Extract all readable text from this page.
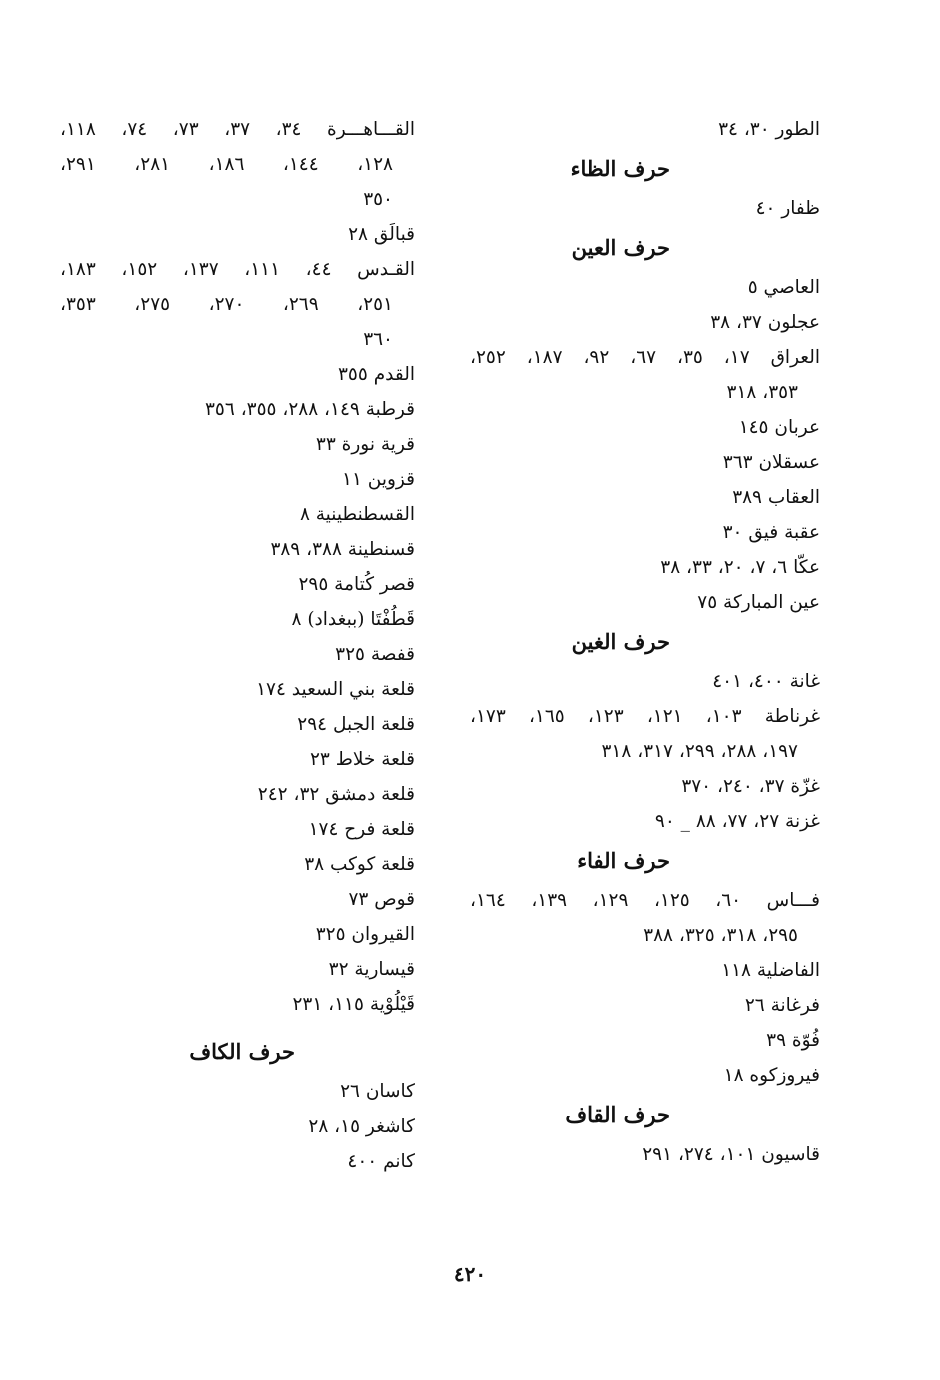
الطور ٣٠، ٣٤
حرف الظاء
ظفار ٤٠
حرف العين
العاصي ٥
عجلون ٣٧، ٣٨
العراق ١٧، ٣٥، ٦٧، ٩٢، ١٨٧، ٢٥٢،
٣٥٣، ٣١٨
عربان ١٤٥
عسقلان ٣٦٣
العقاب ٣٨٩
عقبة فيق ٣٠
عكّا ٦، ٧، ٢٠، ٣٣، ٣٨
عين المباركة ٧٥
حرف الغين
غانة ٤٠٠، ٤٠١
غرناطة ١٠٣، ١٢١، ١٢٣، ١٦٥، ١٧٣،
١٩٧، ٢٨٨، ٢٩٩، ٣١٧، ٣١٨
غزّة ٣٧، ٢٤٠، ٣٧٠
غزنة ٢٧، ٧٧، ٨٨ _ ٩٠
حرف الفاء
فـــاس ٦٠، ١٢٥، ١٢٩، ١٣٩، ١٦٤،
٢٩٥، ٣١٨، ٣٢٥، ٣٨٨
الفاضلية ١١٨
فرغانة ٢٦
فُوّة ٣٩
فيروزكوه ١٨
حرف القاف
قاسيون ١٠١، ٢٧٤، ٢٩١
القـــاهـــرة ٣٤، ٣٧، ٧٣، ٧٤، ١١٨،
١٢٨، ١٤٤، ١٨٦، ٢٨١، ٢٩١،
٣٥٠
قبالَق ٢٨
القـدس ٤٤، ١١١، ١٣٧، ١٥٢، ١٨٣،
٢٥١، ٢٦٩، ٢٧٠، ٢٧٥، ٣٥٣،
٣٦٠
القدم ٣٥٥
قرطبة ١٤٩، ٢٨٨، ٣٥٥، ٣٥٦
قرية نورة ٣٣
قزوين ١١
القسطنطينية ٨
قسنطينة ٣٨٨، ٣٨٩
قصر كُتامة ٢٩٥
قَطُفْتَا (ببغداد) ٨
قفصة ٣٢٥
قلعة بني السعيد ١٧٤
قلعة الجبل ٢٩٤
قلعة خلاط ٢٣
قلعة دمشق ٣٢، ٢٤٢
قلعة فرح ١٧٤
قلعة كوكب ٣٨
قوص ٧٣
القيروان ٣٢٥
قيسارية ٣٢
قَيْلُوْية ١١٥، ٢٣١
حرف الكاف
كاسان ٢٦
كاشغر ١٥، ٢٨
كانم ٤٠٠
٤٢٠
